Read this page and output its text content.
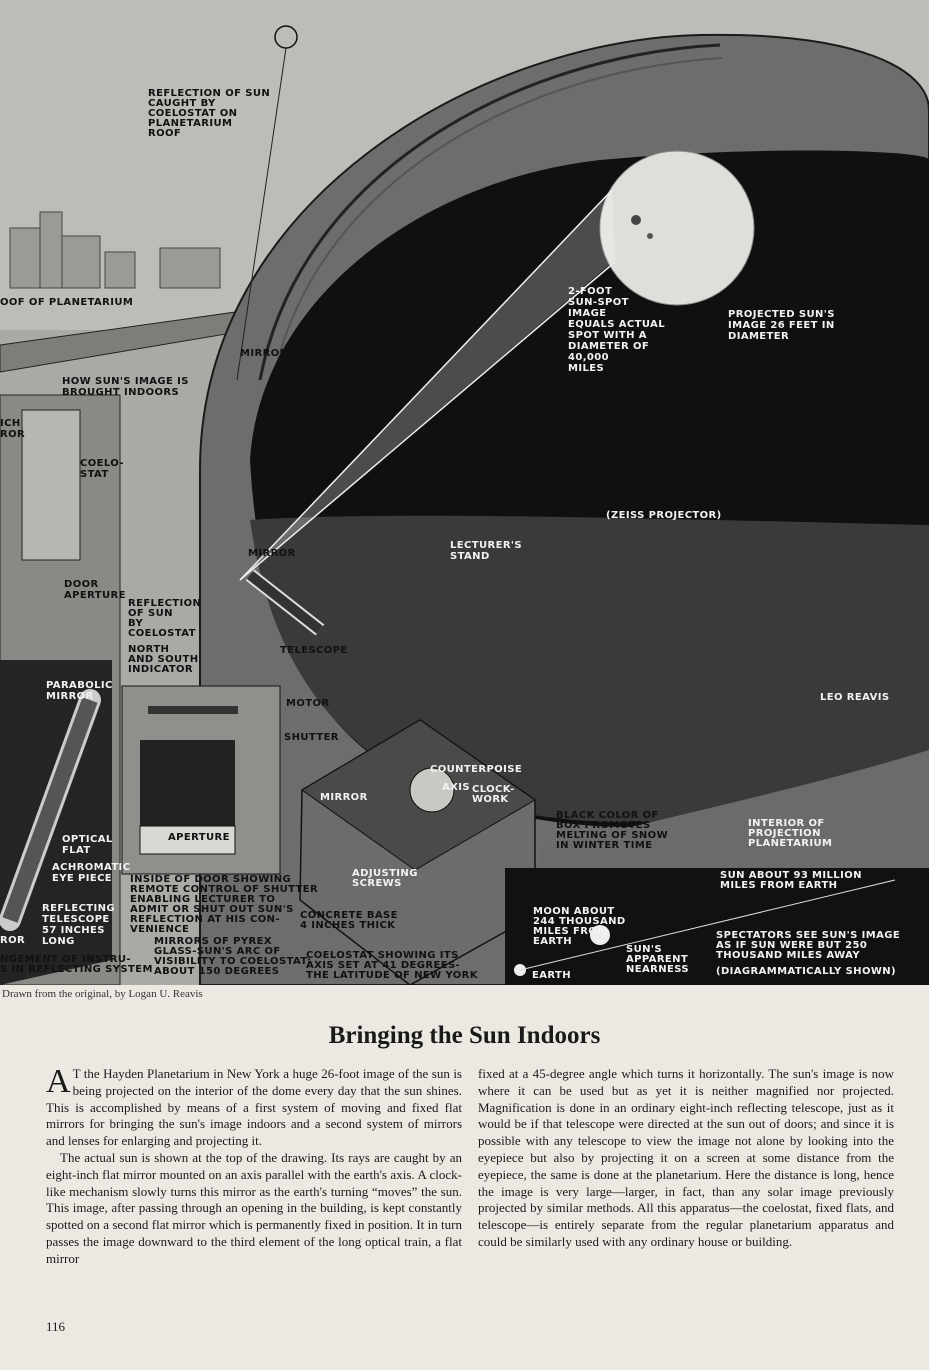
REFLECTION OF SUN CAUGHT BY COELOSTAT ON PLANETARIUM ROOF
OOF OF PLANETARIUM
HOW SUN'S IMAGE IS BROUGHT INDOORS
MIRROR
COELO-STAT
DOOR APERTURE
MIRROR
REFLECTION OF SUN BY COELOSTAT
NORTH AND SOUTH INDICATOR
TELESCOPE
2-FOOT SUN-SPOT IMAGE EQUALS ACTUAL SPOT WITH A DIAMETER OF 40,000 MILES
PROJECTED SUN'S IMAGE 26 FEET IN DIAMETER
(ZEISS PROJECTOR)
LECTURER'S STAND
ICH ROR
PARABOLIC MIRROR
OPTICAL FLAT
ACHROMATIC EYE PIECE
REFLECTING TELESCOPE 57 INCHES LONG
ROR
MOTOR
SHUTTER
APERTURE
COUNTERPOISE
AXIS CLOCK-WORK
MIRROR
ADJUSTING SCREWS
INSIDE OF DOOR SHOWING REMOTE CONTROL OF SHUTTER ENABLING LECTURER TO ADMIT OR SHUT OUT SUN'S REFLECTION AT HIS CON-VENIENCE
CONCRETE BASE 4 INCHES THICK
BLACK COLOR OF BOX PROMOTES MELTING OF SNOW IN WINTER TIME
INTERIOR OF PROJECTION PLANETARIUM
NGEMENT OF INSTRU-S IN REFLECTING SYSTEM
MIRRORS OF PYREX GLASS-SUN'S ARC OF VISIBILITY TO COELOSTAT: ABOUT 150 DEGREES
COELOSTAT SHOWING ITS AXIS SET AT 41 DEGREES-THE LATITUDE OF NEW YORK
SUN ABOUT 93 MILLION MILES FROM EARTH
MOON ABOUT 244 THOUSAND MILES FROM EARTH
EARTH
SUN'S APPARENT NEARNESS
SPECTATORS SEE SUN'S IMAGE AS IF SUN WERE BUT 250 THOUSAND MILES AWAY
(DIAGRAMMATICALLY SHOWN)
LEO REAVIS
Drawn from the original, by Logan U. Reavis
Bringing the Sun Indoors

A T the Hayden Planetarium in New York a huge 26-foot image of the sun is being projected on the interior of the dome every day that the sun shines. This is accomplished by means of a first system of moving and fixed flat mirrors for bringing the sun's image indoors and a second system of mirrors and lenses for enlarging and projecting it.

The actual sun is shown at the top of the drawing. Its rays are caught by an eight-inch flat mirror mounted on an axis parallel with the earth's axis. A clock-like mechanism slowly turns this mirror as the earth's turning “moves” the sun. This image, after passing through an opening in the building, is kept constantly spotted on a second flat mirror which is permanently fixed in position. It in turn passes the image downward to the third element of the long optical train, a flat mirror

fixed at a 45-degree angle which turns it horizontally. The sun's image is now where it can be used but as yet it is neither magnified nor projected. Magnification is done in an ordinary eight-inch reflecting telescope, just as it would be if that telescope were directed at the sun out of doors; and since it is possible with any telescope to view the image not alone by looking into the eyepiece but also by projecting it on a screen at some distance from the eyepiece, the same is done at the planetarium. Here the distance is long, hence the image is very large—larger, in fact, than any solar image previously projected by similar methods. All this apparatus—the coelostat, fixed flats, and telescope—is entirely separate from the regular planetarium apparatus and could be similarly used with any ordinary house or building.

116
